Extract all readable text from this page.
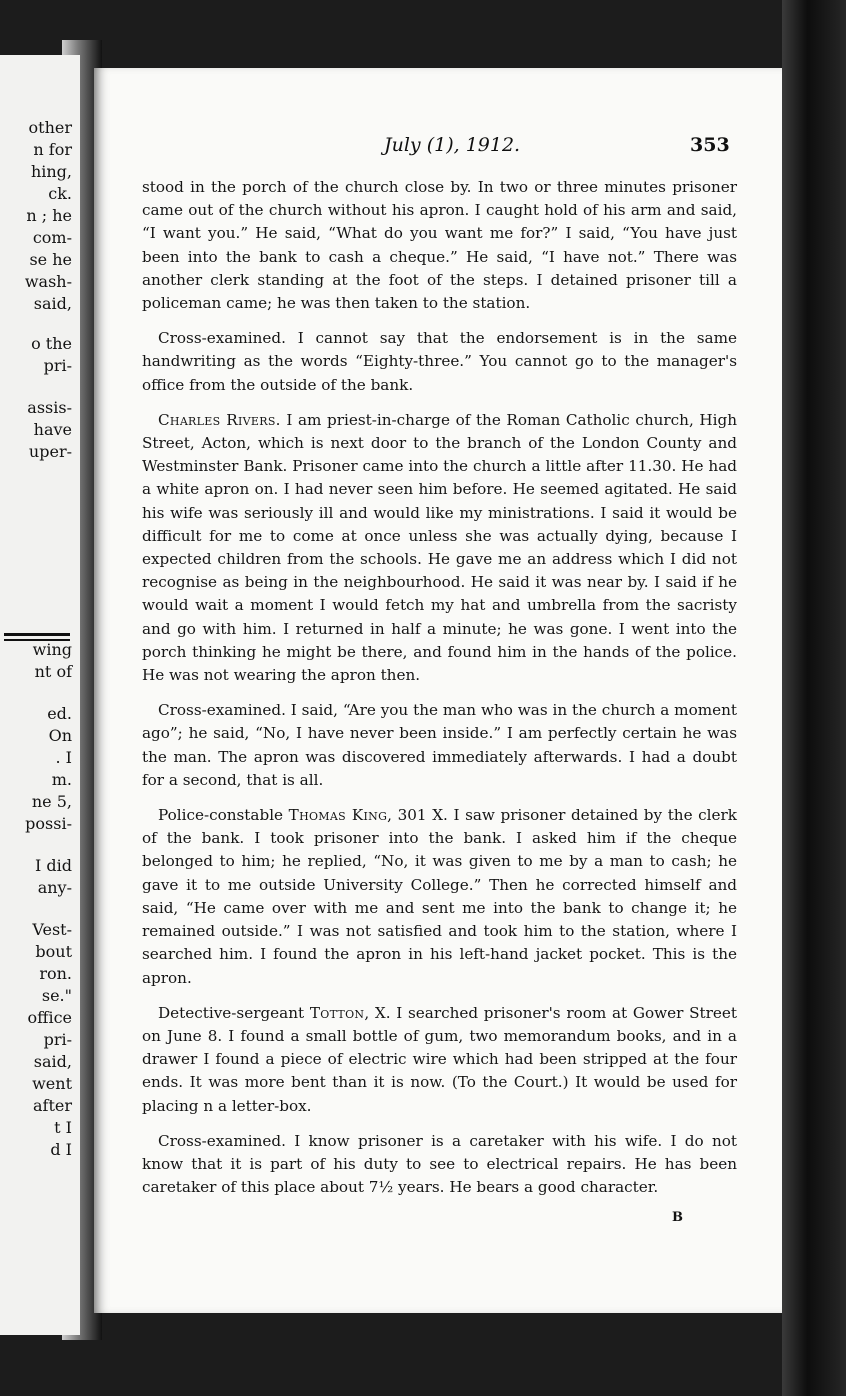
other
n for
hing,
ck.
n ; he
com-
se he
wash-
said,
o the
pri-
assis-
have
uper-
wing
nt of
ed.
On
. I
m.
ne 5,
possi-
I did
any-
Vest-
bout
ron.
se."
office
pri-
said,
went
after
t I
d I
July (1), 1912.	353

stood in the porch of the church close by. In two or three minutes prisoner came out of the church without his apron. I caught hold of his arm and said, “I want you.” He said, “What do you want me for?” I said, “You have just been into the bank to cash a cheque.” He said, “I have not.” There was another clerk standing at the foot of the steps. I detained prisoner till a policeman came; he was then taken to the station.

Cross-examined. I cannot say that the endorsement is in the same handwriting as the words “Eighty-three.” You cannot go to the manager's office from the outside of the bank.

Charles Rivers. I am priest-in-charge of the Roman Catholic church, High Street, Acton, which is next door to the branch of the London County and Westminster Bank. Prisoner came into the church a little after 11.30. He had a white apron on. I had never seen him before. He seemed agitated. He said his wife was seriously ill and would like my ministrations. I said it would be difficult for me to come at once unless she was actually dying, because I expected children from the schools. He gave me an address which I did not recognise as being in the neighbourhood. He said it was near by. I said if he would wait a moment I would fetch my hat and umbrella from the sacristy and go with him. I returned in half a minute; he was gone. I went into the porch thinking he might be there, and found him in the hands of the police. He was not wearing the apron then.

Cross-examined. I said, “Are you the man who was in the church a moment ago”; he said, “No, I have never been inside.” I am perfectly certain he was the man. The apron was discovered immediately afterwards. I had a doubt for a second, that is all.

Police-constable Thomas King, 301 X. I saw prisoner detained by the clerk of the bank. I took prisoner into the bank. I asked him if the cheque belonged to him; he replied, “No, it was given to me by a man to cash; he gave it to me outside University College.” Then he corrected himself and said, “He came over with me and sent me into the bank to change it; he remained outside.” I was not satisfied and took him to the station, where I searched him. I found the apron in his left-hand jacket pocket. This is the apron.

Detective-sergeant Totton, X. I searched prisoner's room at Gower Street on June 8. I found a small bottle of gum, two memorandum books, and in a drawer I found a piece of electric wire which had been stripped at the four ends. It was more bent than it is now. (To the Court.) It would be used for placing n a letter-box.

Cross-examined. I know prisoner is a caretaker with his wife. I do not know that it is part of his duty to see to electrical repairs. He has been caretaker of this place about 7½ years. He bears a good character.

B
